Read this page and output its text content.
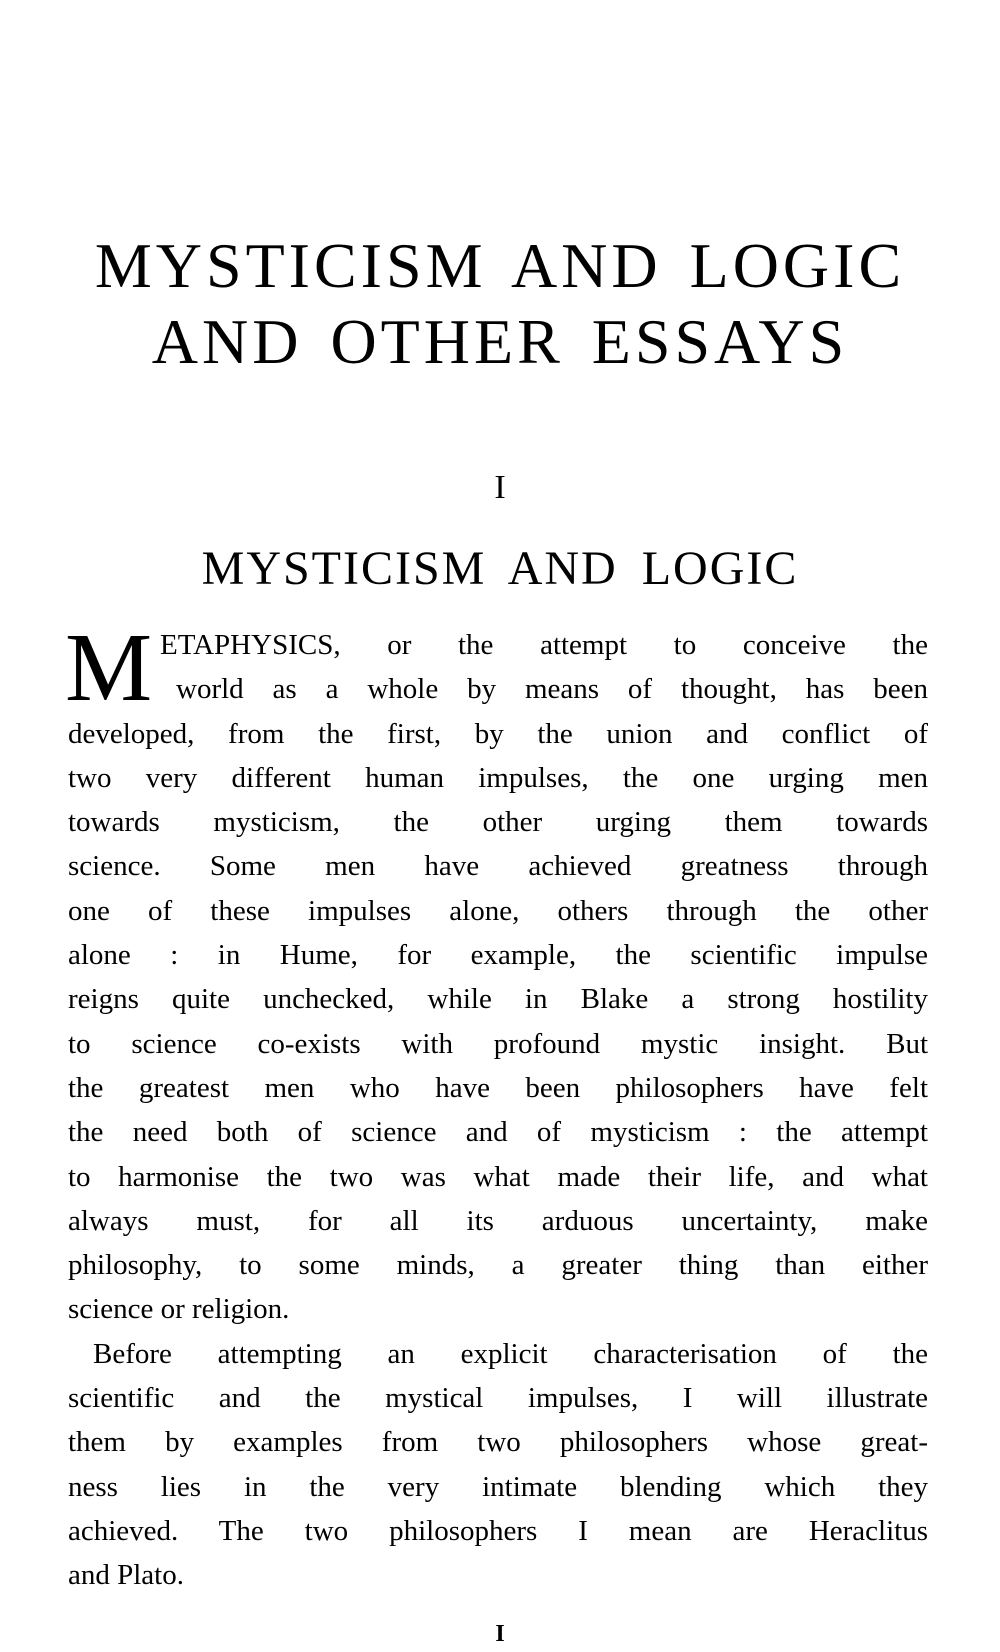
MYSTICISM AND LOGIC
AND OTHER ESSAYS
I
MYSTICISM AND LOGIC
M ETAPHYSICS, or the attempt to conceive the
world as a whole by means of thought, has been
developed, from the first, by the union and conflict of
two very different human impulses, the one urging men
towards mysticism, the other urging them towards
science. Some men have achieved greatness through
one of these impulses alone, others through the other
alone : in Hume, for example, the scientific impulse
reigns quite unchecked, while in Blake a strong hostility
to science co-exists with profound mystic insight. But
the greatest men who have been philosophers have felt
the need both of science and of mysticism : the attempt
to harmonise the two was what made their life, and what
always must, for all its arduous uncertainty, make
philosophy, to some minds, a greater thing than either
science or religion.
Before attempting an explicit characterisation of the
scientific and the mystical impulses, I will illustrate
them by examples from two philosophers whose great-
ness lies in the very intimate blending which they
achieved. The two philosophers I mean are Heraclitus
and Plato.
I
